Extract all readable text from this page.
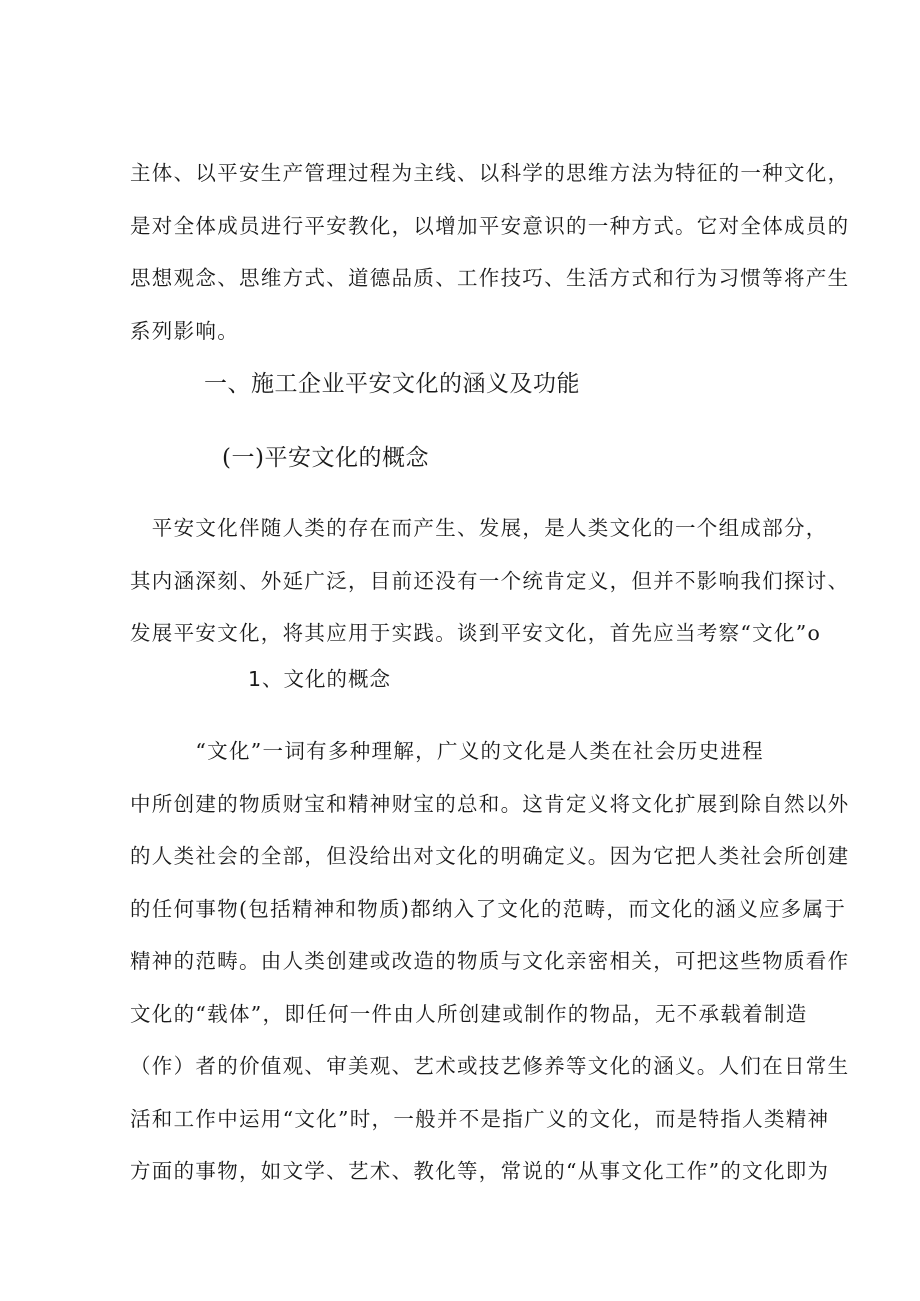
主体、以平安生产管理过程为主线、以科学的思维方法为特征的一种文化，
是对全体成员进行平安教化，以增加平安意识的一种方式。它对全体成员的
思想观念、思维方式、道德品质、工作技巧、生活方式和行为习惯等将产生
系列影响。

一、施工企业平安文化的涵义及功能
(一)平安文化的概念

　平安文化伴随人类的存在而产生、发展，是人类文化的一个组成部分，
其内涵深刻、外延广泛，目前还没有一个统肯定义，但并不影响我们探讨、
发展平安文化，将其应用于实践。谈到平安文化，首先应当考察“文化”o

1、文化的概念

　　　“文化”一词有多种理解，广义的文化是人类在社会历史进程
中所创建的物质财宝和精神财宝的总和。这肯定义将文化扩展到除自然以外
的人类社会的全部，但没给出对文化的明确定义。因为它把人类社会所创建
的任何事物(包括精神和物质)都纳入了文化的范畴，而文化的涵义应多属于
精神的范畴。由人类创建或改造的物质与文化亲密相关，可把这些物质看作
文化的“载体”，即任何一件由人所创建或制作的物品，无不承载着制造
（作）者的价值观、审美观、艺术或技艺修养等文化的涵义。人们在日常生
活和工作中运用“文化”时，一般并不是指广义的文化，而是特指人类精神
方面的事物，如文学、艺术、教化等，常说的“从事文化工作”的文化即为
